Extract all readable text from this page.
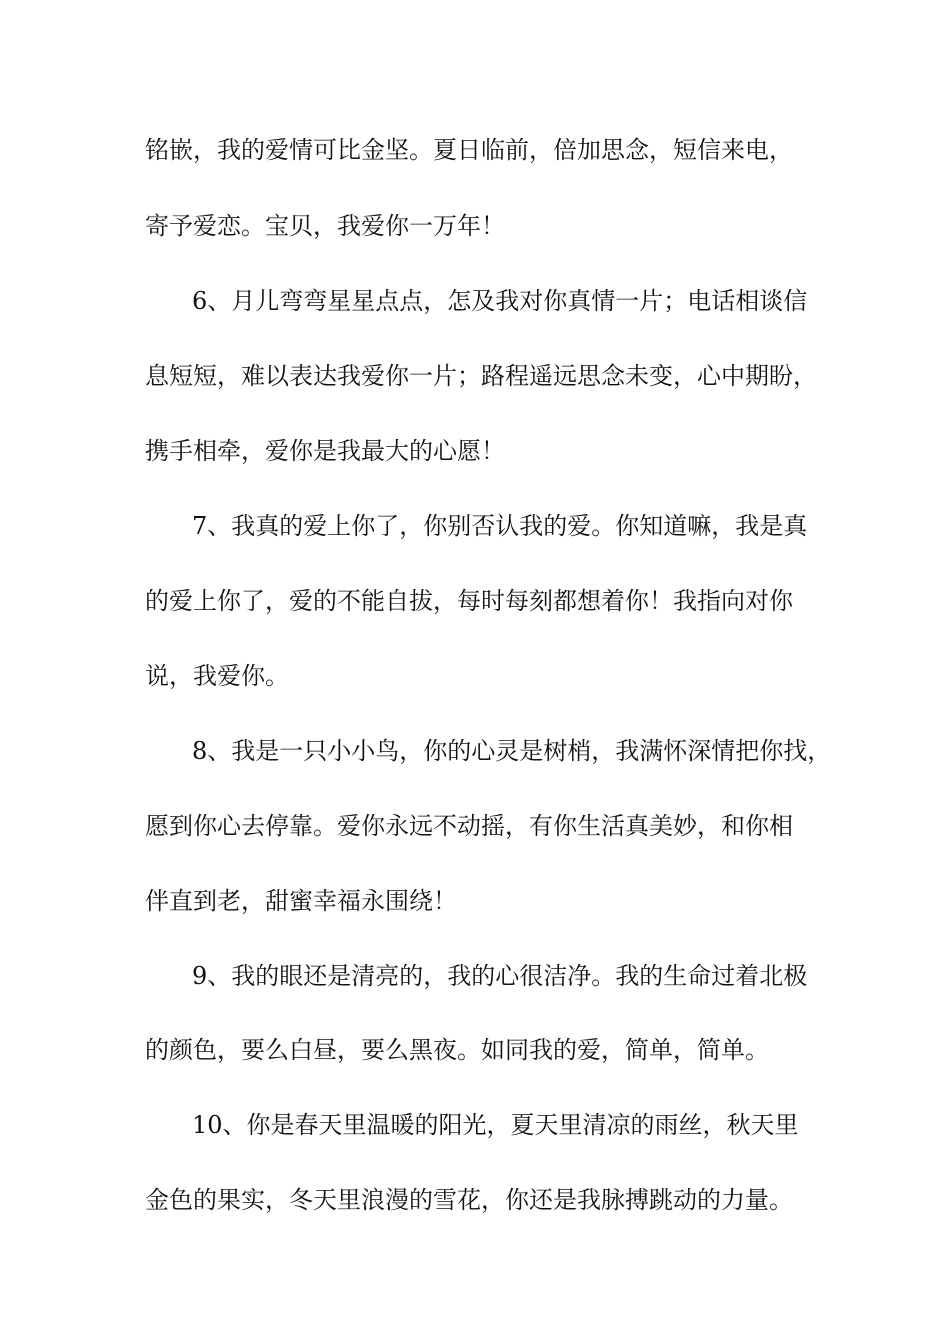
铭嵌，我的爱情可比金坚。夏日临前，倍加思念，短信来电，
寄予爱恋。宝贝，我爱你一万年！
6、月儿弯弯星星点点，怎及我对你真情一片；电话相谈信
息短短，难以表达我爱你一片；路程遥远思念未变，心中期盼，
携手相牵，爱你是我最大的心愿！
7、我真的爱上你了，你别否认我的爱。你知道嘛，我是真
的爱上你了，爱的不能自拔，每时每刻都想着你！我指向对你
说，我爱你。
8、我是一只小小鸟，你的心灵是树梢，我满怀深情把你找，
愿到你心去停靠。爱你永远不动摇，有你生活真美妙，和你相
伴直到老，甜蜜幸福永围绕！
9、我的眼还是清亮的，我的心很洁净。我的生命过着北极
的颜色，要么白昼，要么黑夜。如同我的爱，简单，简单。
10、你是春天里温暖的阳光，夏天里清凉的雨丝，秋天里
金色的果实，冬天里浪漫的雪花，你还是我脉搏跳动的力量。
